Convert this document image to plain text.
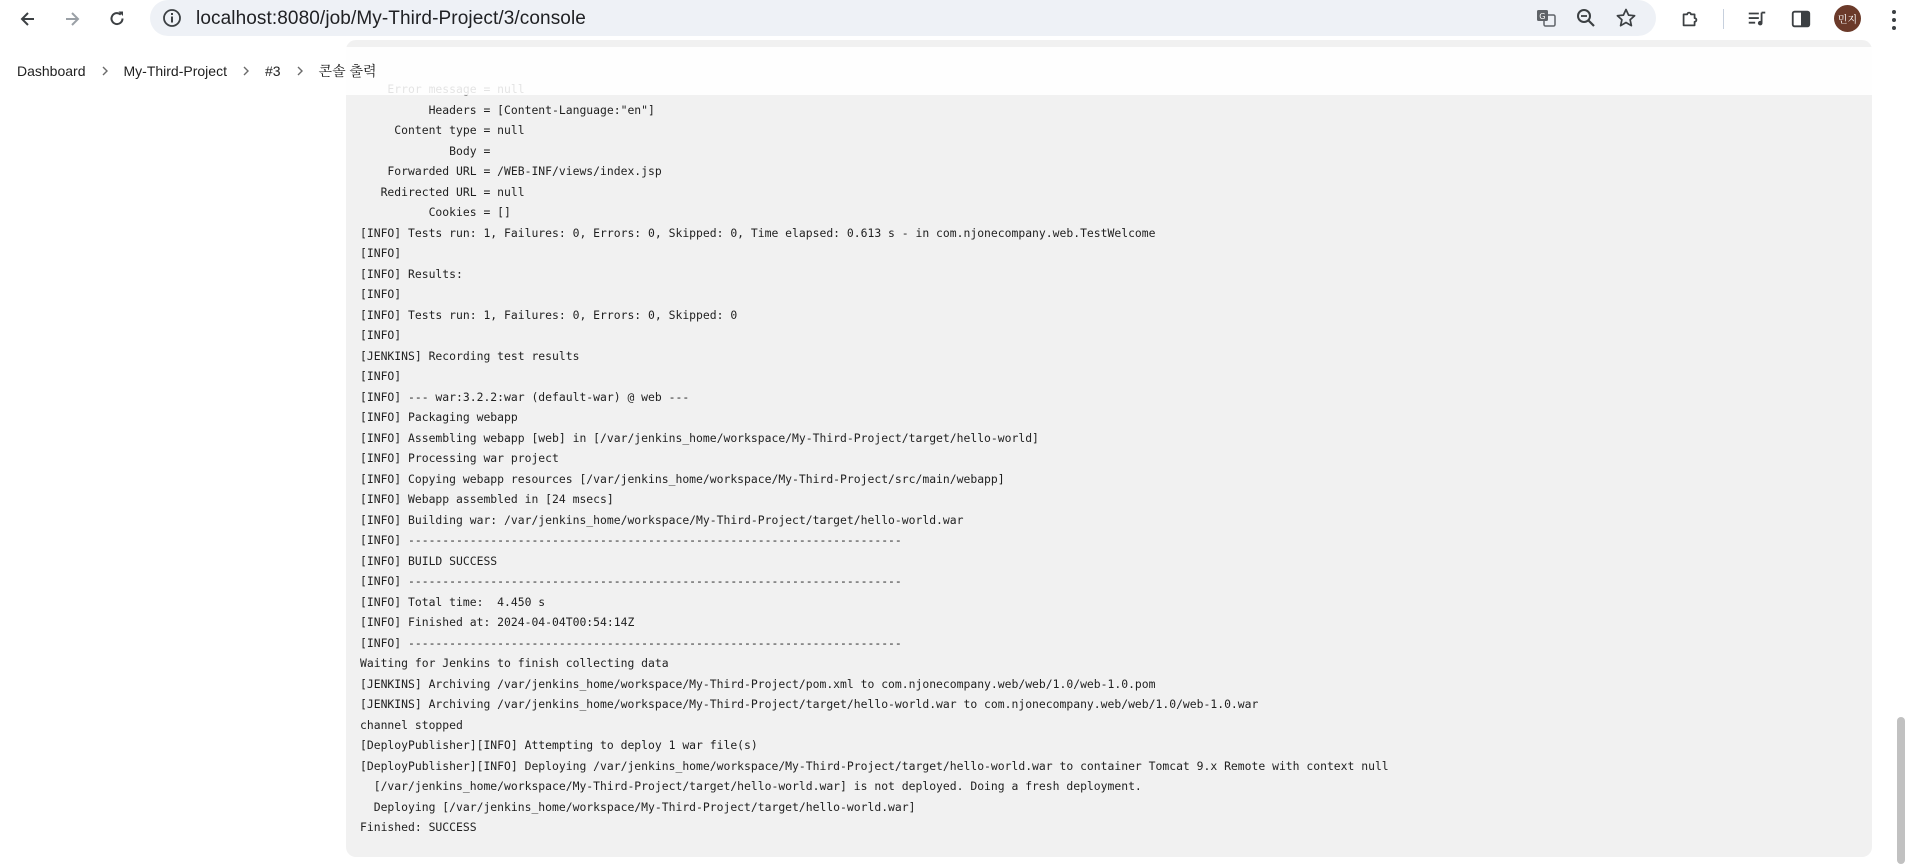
localhost:8080/job/My-Third-Project/3/console	G	민지
Dashboard	My-Third-Project	#3	콘솔 출력
Headers = [Content-Language:"en"]
Content type = null
Body =
Forwarded URL = /WEB-INF/views/index.jsp
Redirected URL = null
Cookies = []
[INFO] Tests run: 1, Failures: 0, Errors: 0, Skipped: 0, Time elapsed: 0.613 s - in com.njonecompany.web.TestWelcome
[INFO]
[INFO] Results:
[INFO]
[INFO] Tests run: 1, Failures: 0, Errors: 0, Skipped: 0
[INFO]
[JENKINS] Recording test results
[INFO]
[INFO] --- war:3.2.2:war (default-war) @ web ---
[INFO] Packaging webapp
[INFO] Assembling webapp [web] in [/var/jenkins_home/workspace/My-Third-Project/target/hello-world]
[INFO] Processing war project
[INFO] Copying webapp resources [/var/jenkins_home/workspace/My-Third-Project/src/main/webapp]
[INFO] Webapp assembled in [24 msecs]
[INFO] Building war: /var/jenkins_home/workspace/My-Third-Project/target/hello-world.war
[INFO] ------------------------------------------------------------------------
[INFO] BUILD SUCCESS
[INFO] ------------------------------------------------------------------------
[INFO] Total time:  4.450 s
[INFO] Finished at: 2024-04-04T00:54:14Z
[INFO] ------------------------------------------------------------------------
Waiting for Jenkins to finish collecting data
[JENKINS] Archiving /var/jenkins_home/workspace/My-Third-Project/pom.xml to com.njonecompany.web/web/1.0/web-1.0.pom
[JENKINS] Archiving /var/jenkins_home/workspace/My-Third-Project/target/hello-world.war to com.njonecompany.web/web/1.0/web-1.0.war
channel stopped
[DeployPublisher][INFO] Attempting to deploy 1 war file(s)
[DeployPublisher][INFO] Deploying /var/jenkins_home/workspace/My-Third-Project/target/hello-world.war to container Tomcat 9.x Remote with context null
[/var/jenkins_home/workspace/My-Third-Project/target/hello-world.war] is not deployed. Doing a fresh deployment.
Deploying [/var/jenkins_home/workspace/My-Third-Project/target/hello-world.war]
Finished: SUCCESS
